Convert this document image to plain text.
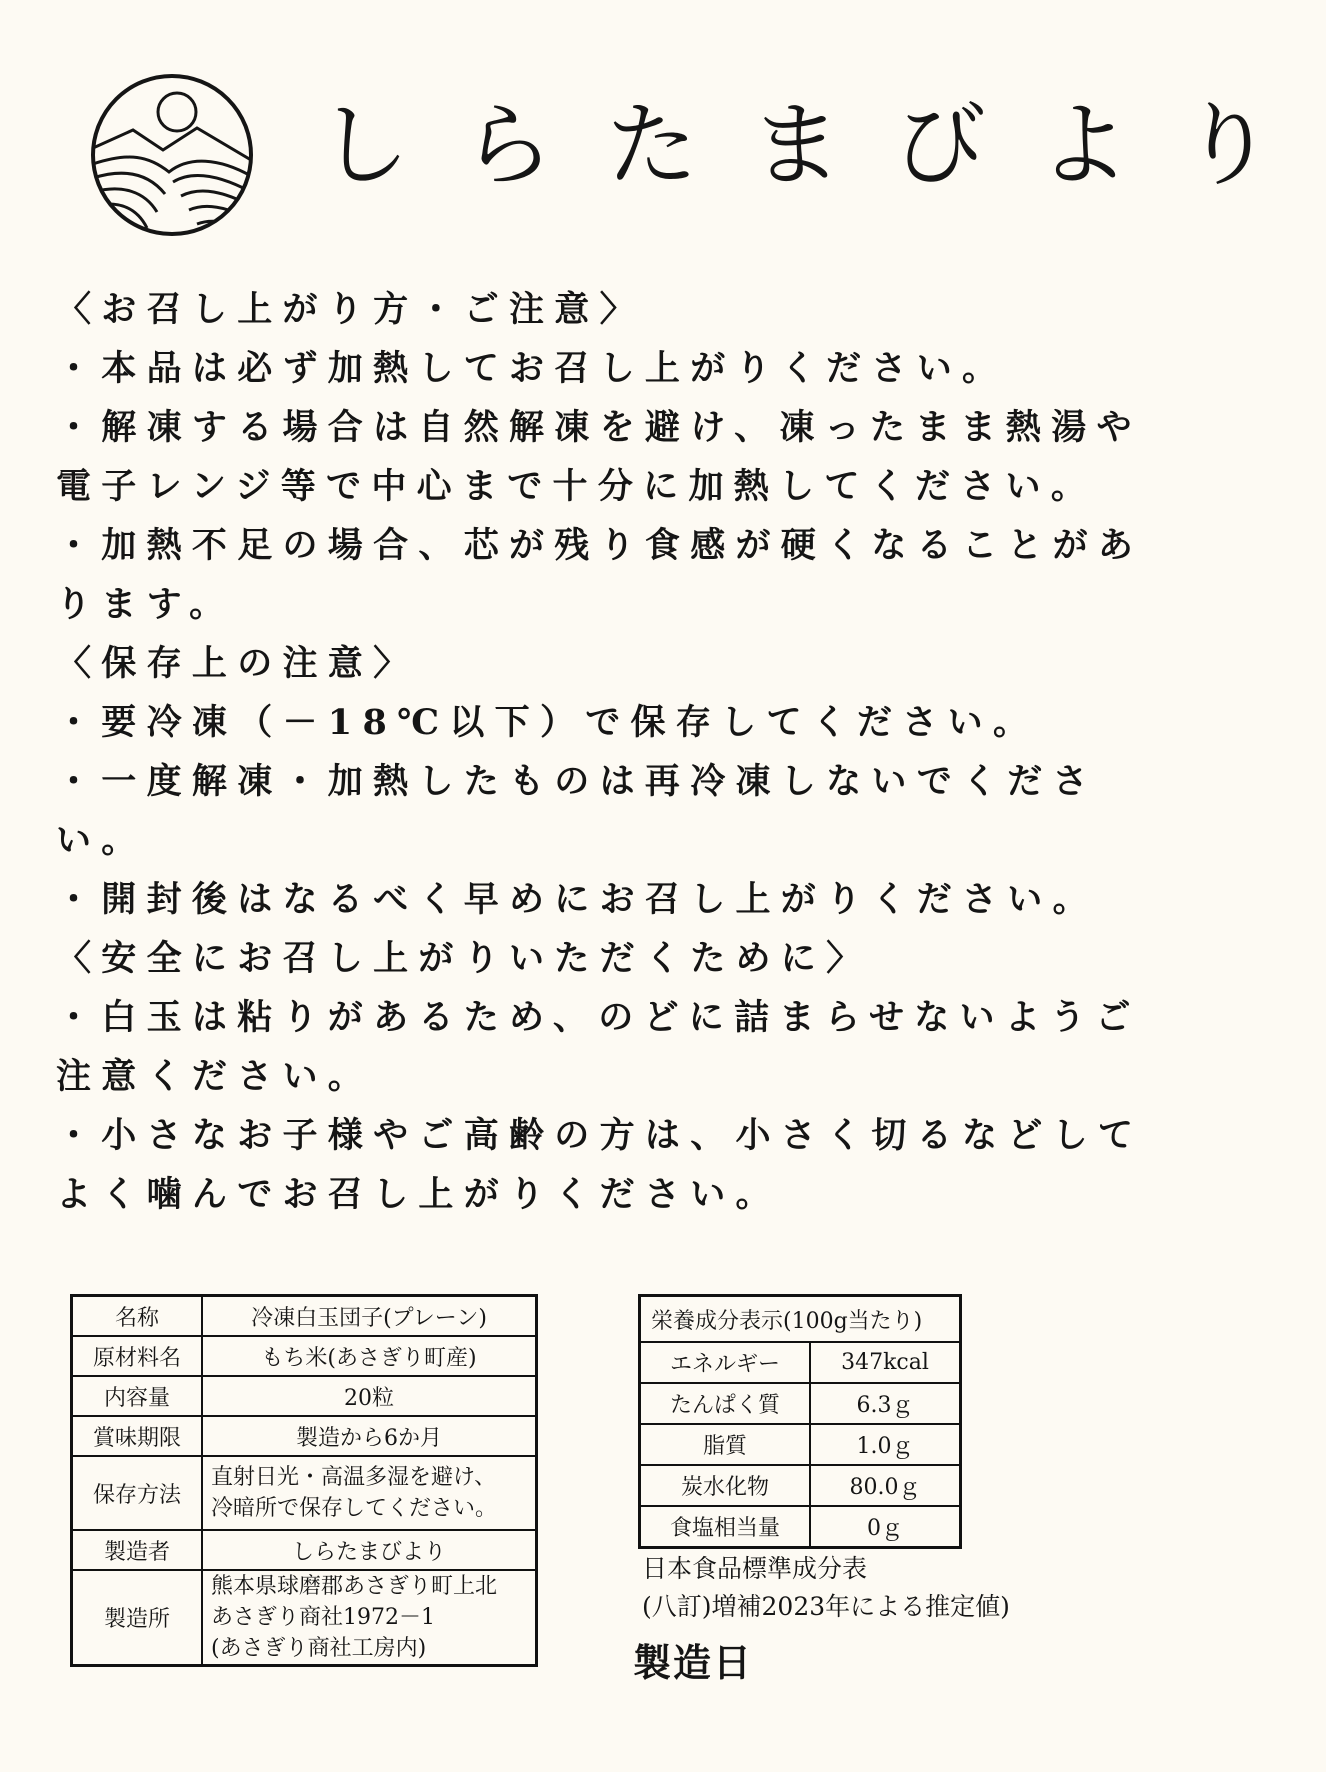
しらたまびより
〈お召し上がり方・ご注意〉
・本品は必ず加熱してお召し上がりください。
・解凍する場合は自然解凍を避け、凍ったまま熱湯や
電子レンジ等で中心まで十分に加熱してください。
・加熱不足の場合、芯が残り食感が硬くなることがあ
ります。
〈保存上の注意〉
・要冷凍（－18℃以下）で保存してください。
・一度解凍・加熱したものは再冷凍しないでくださ
い。
・開封後はなるべく早めにお召し上がりください。
〈安全にお召し上がりいただくために〉
・白玉は粘りがあるため、のどに詰まらせないようご
注意ください。
・小さなお子様やご高齢の方は、小さく切るなどして
よく噛んでお召し上がりください。
名称	冷凍白玉団子(プレーン)
原材料名	もち米(あさぎり町産)
内容量	20粒
賞味期限	製造から6か月
保存方法	直射日光・高温多湿を避け、
冷暗所で保存してください。

製造者	しらたまびより
製造所	熊本県球磨郡あさぎり町上北
あさぎり商社1972－1
(あさぎり商社工房内)
栄養成分表示(100g当たり)	
エネルギー	347kcal
たんぱく質	6.3ｇ
脂質	1.0ｇ
炭水化物	80.0ｇ
食塩相当量	0ｇ
日本食品標準成分表
(八訂)増補2023年による推定値)
製造日
